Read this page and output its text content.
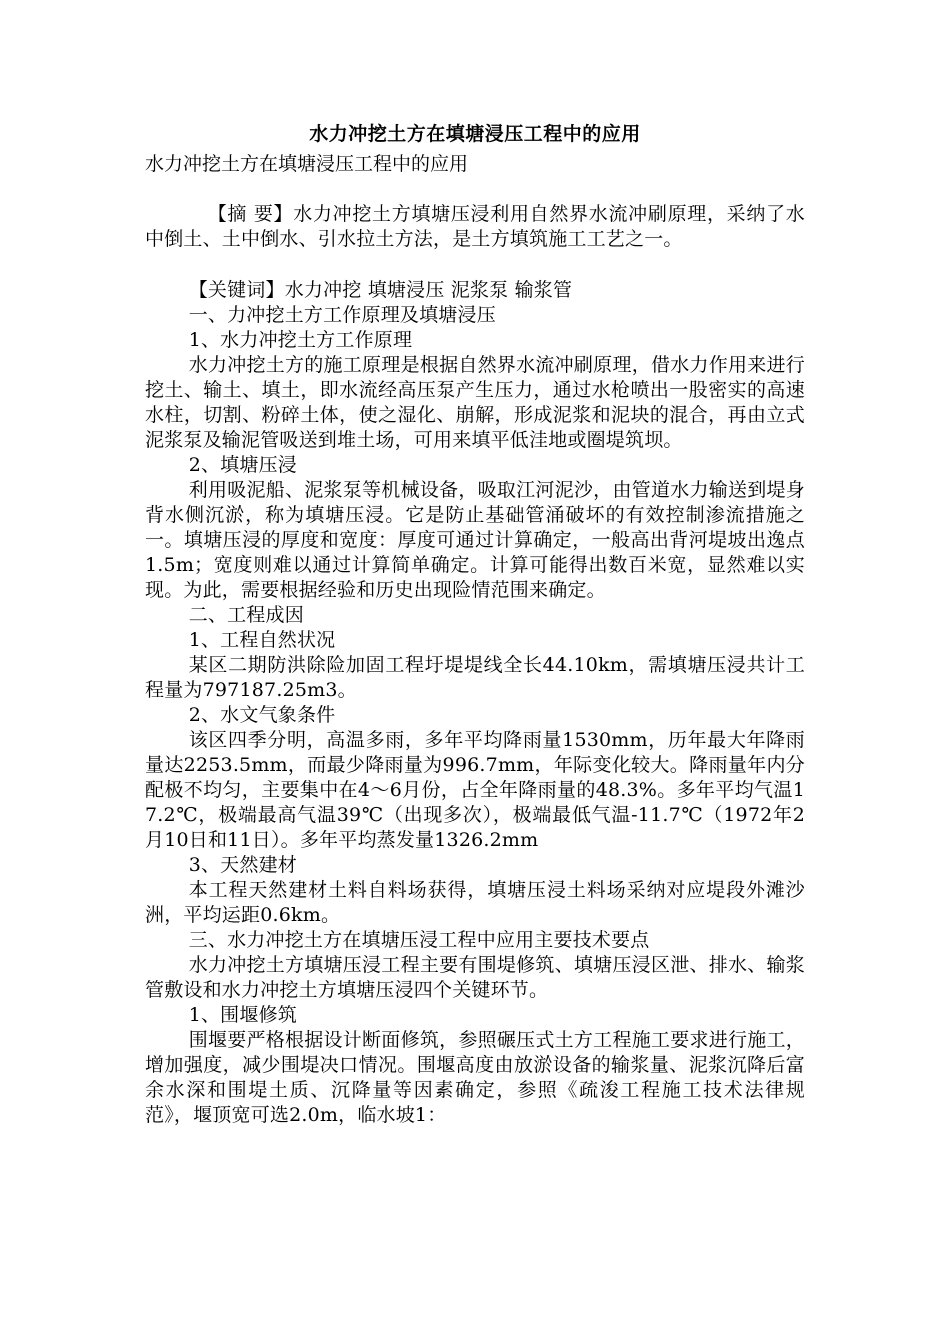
水力冲挖土方在填塘浸压工程中的应用

水力冲挖土方在填塘浸压工程中的应用

【摘 要】水力冲挖土方填塘压浸利用自然界水流冲刷原理，采纳了水中倒土、土中倒水、引水拉土方法，是土方填筑施工工艺之一。

【关键词】水力冲挖 填塘浸压 泥浆泵 输浆管

一、力冲挖土方工作原理及填塘浸压

1、水力冲挖土方工作原理

水力冲挖土方的施工原理是根据自然界水流冲刷原理，借水力作用来进行挖土、输土、填土，即水流经高压泵产生压力，通过水枪喷出一股密实的高速水柱，切割、粉碎土体，使之湿化、崩解，形成泥浆和泥块的混合，再由立式泥浆泵及输泥管吸送到堆土场，可用来填平低洼地或圈堤筑坝。

2、填塘压浸

利用吸泥船、泥浆泵等机械设备，吸取江河泥沙，由管道水力输送到堤身背水侧沉淤，称为填塘压浸。它是防止基础管涌破坏的有效控制渗流措施之一。填塘压浸的厚度和宽度：厚度可通过计算确定，一般高出背河堤坡出逸点1.5m；宽度则难以通过计算简单确定。计算可能得出数百米宽，显然难以实现。为此，需要根据经验和历史出现险情范围来确定。

二、工程成因

1、工程自然状况

某区二期防洪除险加固工程圩堤堤线全长44.10km，需填塘压浸共计工程量为797187.25m3。

2、水文气象条件

该区四季分明，高温多雨，多年平均降雨量1530mm，历年最大年降雨量达2253.5mm，而最少降雨量为996.7mm，年际变化较大。降雨量年内分配极不均匀，主要集中在4～6月份，占全年降雨量的48.3%。多年平均气温17.2℃，极端最高气温39℃（出现多次），极端最低气温-11.7℃（1972年2月10日和11日）。多年平均蒸发量1326.2mm

3、天然建材

本工程天然建材土料自料场获得，填塘压浸土料场采纳对应堤段外滩沙洲，平均运距0.6km。

三、水力冲挖土方在填塘压浸工程中应用主要技术要点

水力冲挖土方填塘压浸工程主要有围堤修筑、填塘压浸区泄、排水、输浆管敷设和水力冲挖土方填塘压浸四个关键环节。

1、围堰修筑

围堰要严格根据设计断面修筑，参照碾压式土方工程施工要求进行施工，增加强度，减少围堤决口情况。围堰高度由放淤设备的输浆量、泥浆沉降后富余水深和围堤土质、沉降量等因素确定，参照《疏浚工程施工技术法律规范》，堰顶宽可选2.0m，临水坡1：
